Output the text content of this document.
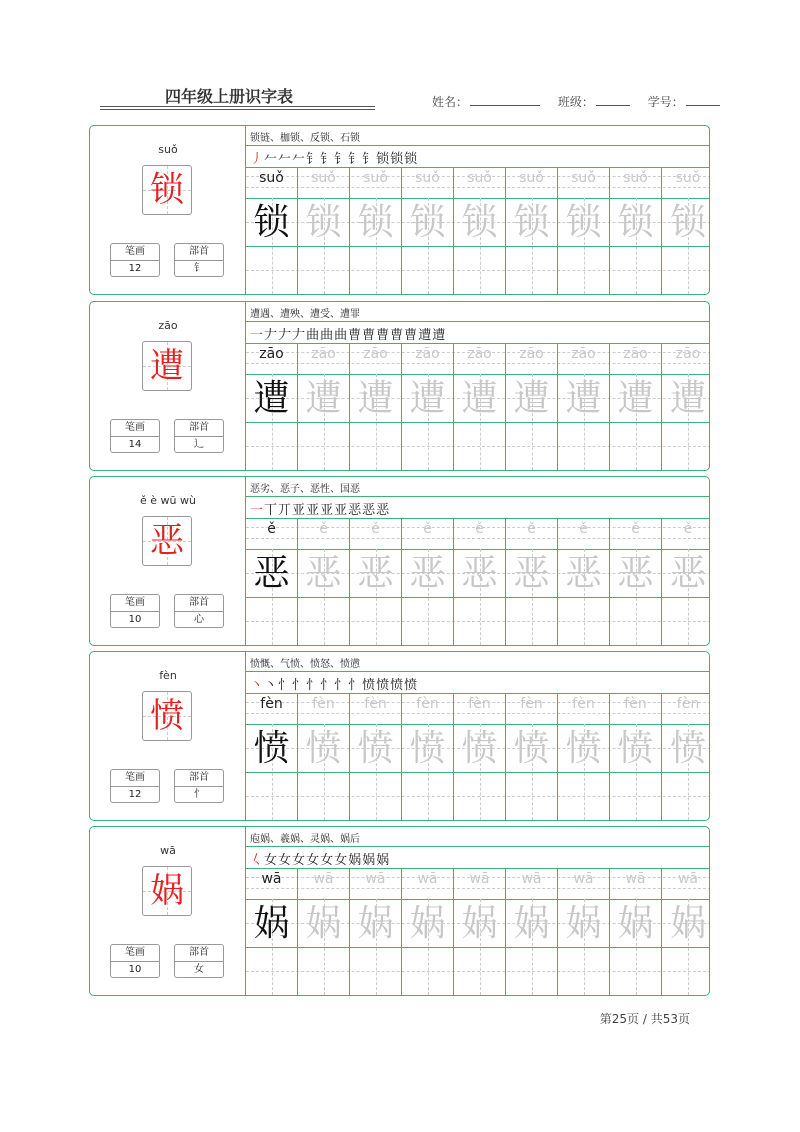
四年级上册识字表	姓名：	班级：	学号：
suǒ
锁
笔画
12
部首
钅
锁链、枷锁、反锁、石锁
丿𠂉𠂉𠂉钅钅钅钅钅锁锁锁
suǒ
锁
suǒ
锁
suǒ
锁
suǒ
锁
suǒ
锁
suǒ
锁
suǒ
锁
suǒ
锁
suǒ
锁
zāo
遭
笔画
14
部首
辶
遭遇、遭殃、遭受、遭罪
一𠂇𠂇𠂇曲曲曲曹曹曹曹曹遭遭
zāo
遭
zāo
遭
zāo
遭
zāo
遭
zāo
遭
zāo
遭
zāo
遭
zāo
遭
zāo
遭
ě è wū wù
恶
笔画
10
部首
心
恶劣、恶子、恶性、国恶
一丅丌亚亚亚亚恶恶恶
ě
恶
ě
恶
ě
恶
ě
恶
ě
恶
ě
恶
ě
恶
ě
恶
ě
恶
fèn
愤
笔画
12
部首
忄
愤慨、气愤、愤怒、愤懑
丶丶忄忄忄忄忄忄愤愤愤愤
fèn
愤
fèn
愤
fèn
愤
fèn
愤
fèn
愤
fèn
愤
fèn
愤
fèn
愤
fèn
愤
wā
娲
笔画
10
部首
女
庖娲、羲娲、灵娲、娲后
𡿨女女女女女女娲娲娲
wā
娲
wā
娲
wā
娲
wā
娲
wā
娲
wā
娲
wā
娲
wā
娲
wā
娲
第25页 / 共53页
